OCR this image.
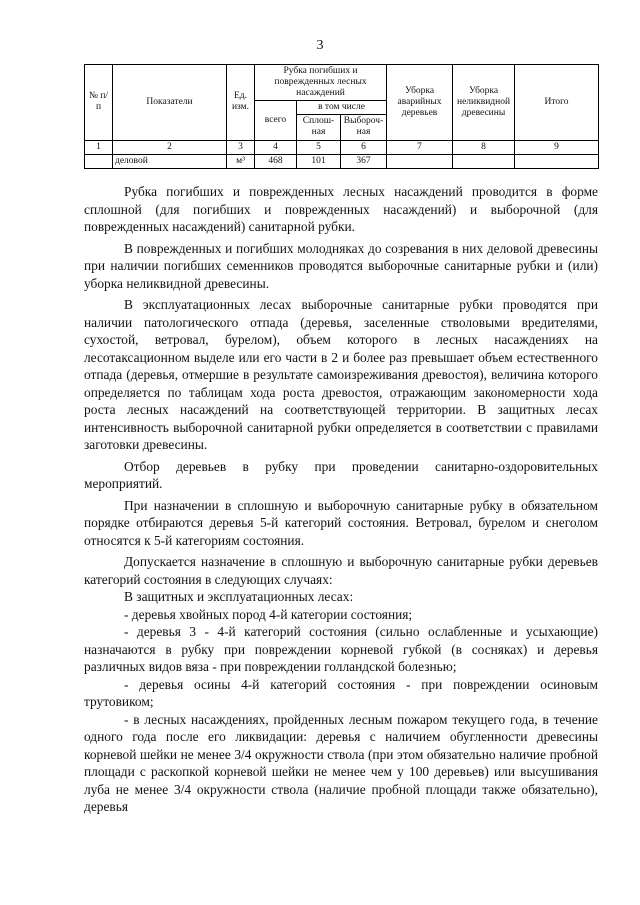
3
№ п/п	Показатели	Ед. изм.	Рубка погибших и поврежденных лесных насаждений			Уборка аварийных деревьев	Уборка неликвидной древесины	Итого
			всего	в том числе				
				Сплош-ная	Выбороч-ная			
1	2	3	4	5	6	7	8	9
	деловой	м³	468	101	367			

Рубка погибших и поврежденных лесных насаждений проводится в форме сплошной (для погибших и поврежденных насаждений) и выборочной (для поврежденных насаждений) санитарной рубки.

В поврежденных и погибших молодняках до созревания в них деловой древесины при наличии погибших семенников проводятся выборочные санитарные рубки и (или) уборка неликвидной древесины.

В эксплуатационных лесах выборочные санитарные рубки проводятся при наличии патологического отпада (деревья, заселенные стволовыми вредителями, сухостой, ветровал, бурелом), объем которого в лесных насаждениях на лесотаксационном выделе или его части в 2 и более раз превышает объем естественного отпада (деревья, отмершие в результате самоизреживания древостоя), величина которого определяется по таблицам хода роста древостоя, отражающим закономерности хода роста лесных насаждений на соответствующей территории. В защитных лесах интенсивность выборочной санитарной рубки определяется в соответствии с правилами заготовки древесины.

Отбор деревьев в рубку при проведении санитарно-оздоровительных мероприятий.

При назначении в сплошную и выборочную санитарные рубку в обязательном порядке отбираются деревья 5-й категорий состояния. Ветровал, бурелом и снеголом относятся к 5-й категориям состояния.

Допускается назначение в сплошную и выборочную санитарные рубки деревьев категорий состояния в следующих случаях:

В защитных и эксплуатационных лесах:

- деревья хвойных пород 4-й категории состояния;

- деревья 3 - 4-й категорий состояния (сильно ослабленные и усыхающие) назначаются в рубку при повреждении корневой губкой (в сосняках) и деревья различных видов вяза - при повреждении голландской болезнью;

- деревья осины 4-й категорий состояния - при повреждении осиновым трутовиком;

- в лесных насаждениях, пройденных лесным пожаром текущего года, в течение одного года после его ликвидации: деревья с наличием обугленности древесины корневой шейки не менее 3/4 окружности ствола (при этом обязательно наличие пробной площади с раскопкой корневой шейки не менее чем у 100 деревьев) или высушивания луба не менее 3/4 окружности ствола (наличие пробной площади также обязательно), деревья
